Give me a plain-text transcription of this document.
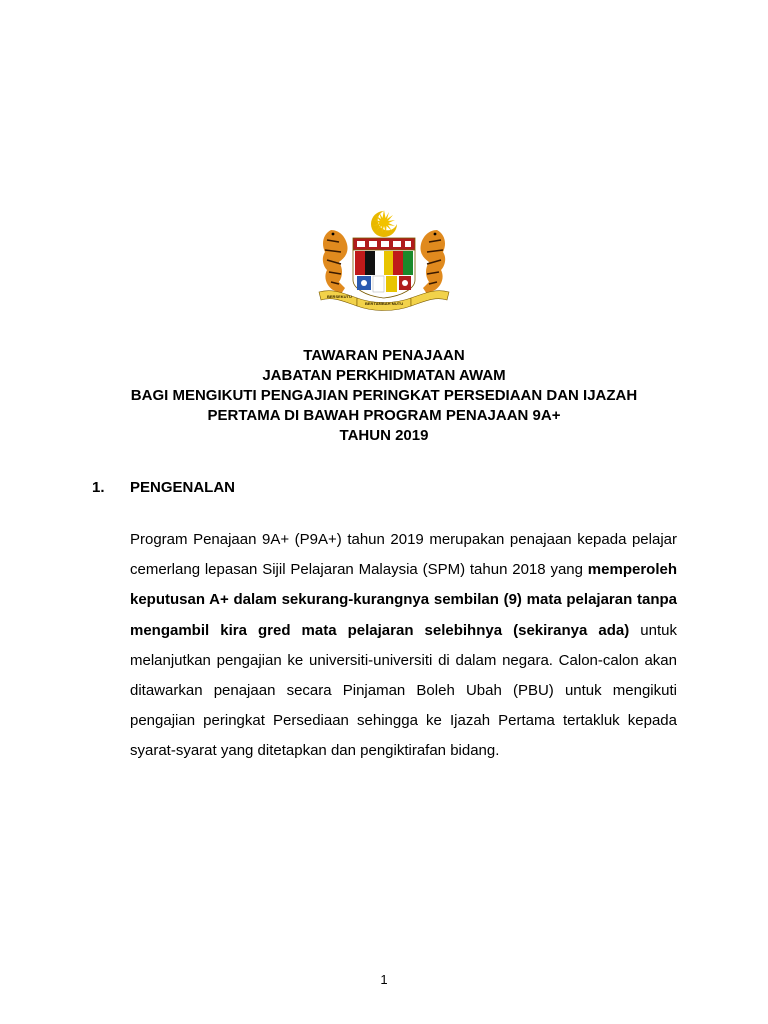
BERSEKUTU
BERTAMBAH MUTU
TAWARAN PENAJAAN
JABATAN PERKHIDMATAN AWAM
BAGI MENGIKUTI PENGAJIAN PERINGKAT PERSEDIAAN DAN IJAZAH
PERTAMA DI BAWAH PROGRAM PENAJAAN 9A+
TAHUN 2019
1. PENGENALAN
Program Penajaan 9A+ (P9A+) tahun 2019 merupakan penajaan kepada pelajar cemerlang lepasan Sijil Pelajaran Malaysia (SPM) tahun 2018 yang memperoleh keputusan A+ dalam sekurang-kurangnya sembilan (9) mata pelajaran tanpa mengambil kira gred mata pelajaran selebihnya (sekiranya ada) untuk melanjutkan pengajian ke universiti-universiti di dalam negara. Calon-calon akan ditawarkan penajaan secara Pinjaman Boleh Ubah (PBU) untuk mengikuti pengajian peringkat Persediaan sehingga ke Ijazah Pertama tertakluk kepada syarat-syarat yang ditetapkan dan pengiktirafan bidang.
1
